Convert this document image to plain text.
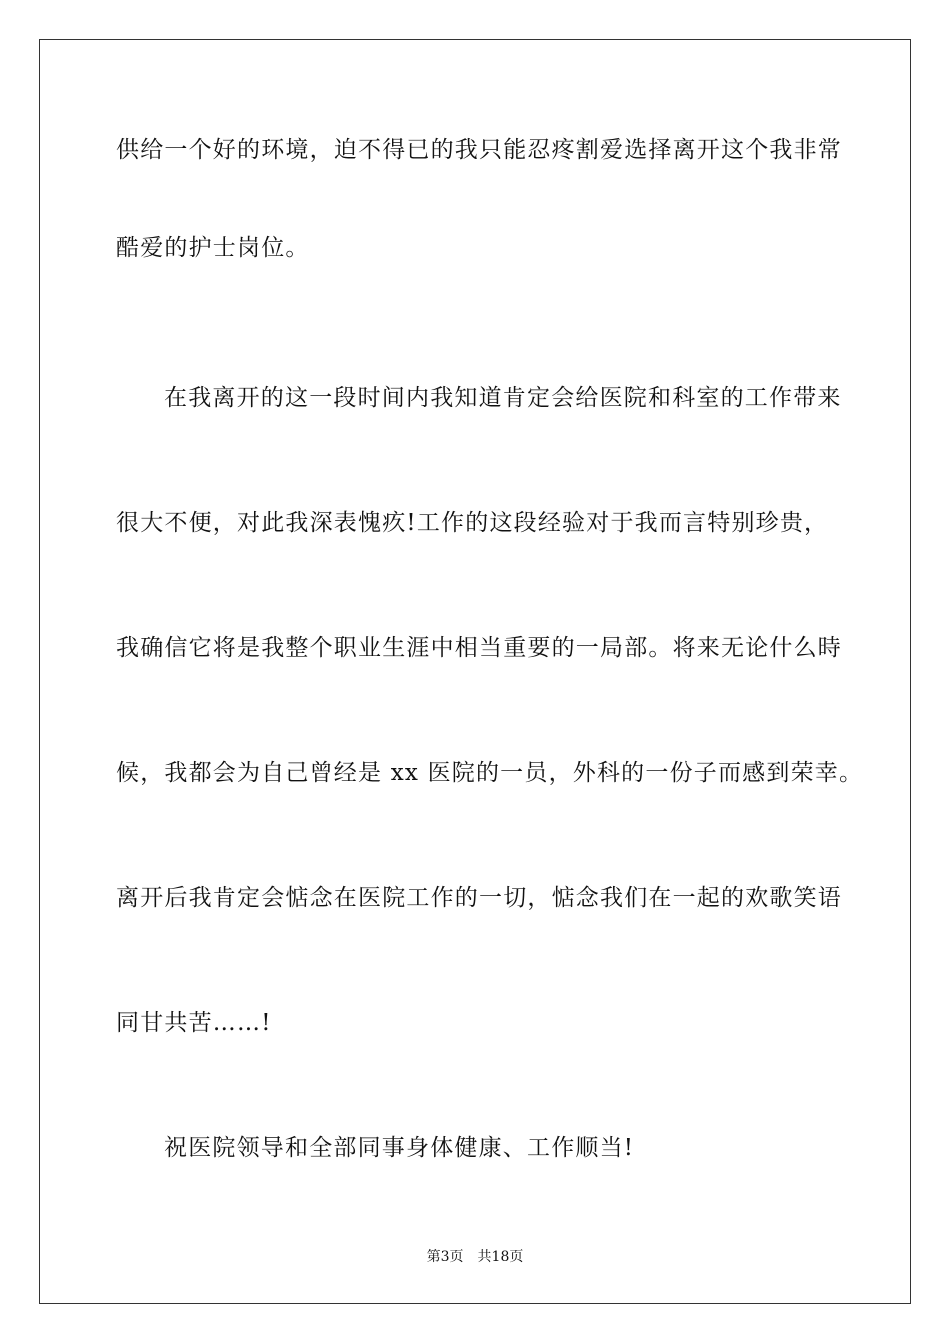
供给一个好的环境，迫不得已的我只能忍疼割爱选择离开这个我非常
酷爱的护士岗位。
在我离开的这一段时间内我知道肯定会给医院和科室的工作带来
很大不便，对此我深表愧疚!工作的这段经验对于我而言特别珍贵，
我确信它将是我整个职业生涯中相当重要的一局部。将来无论什么時
候，我都会为自己曾经是 xx 医院的一员，外科的一份子而感到荣幸。
离开后我肯定会惦念在医院工作的一切，惦念我们在一起的欢歌笑语
同甘共苦……!
祝医院领导和全部同事身体健康、工作顺当!
第3页 共18页
